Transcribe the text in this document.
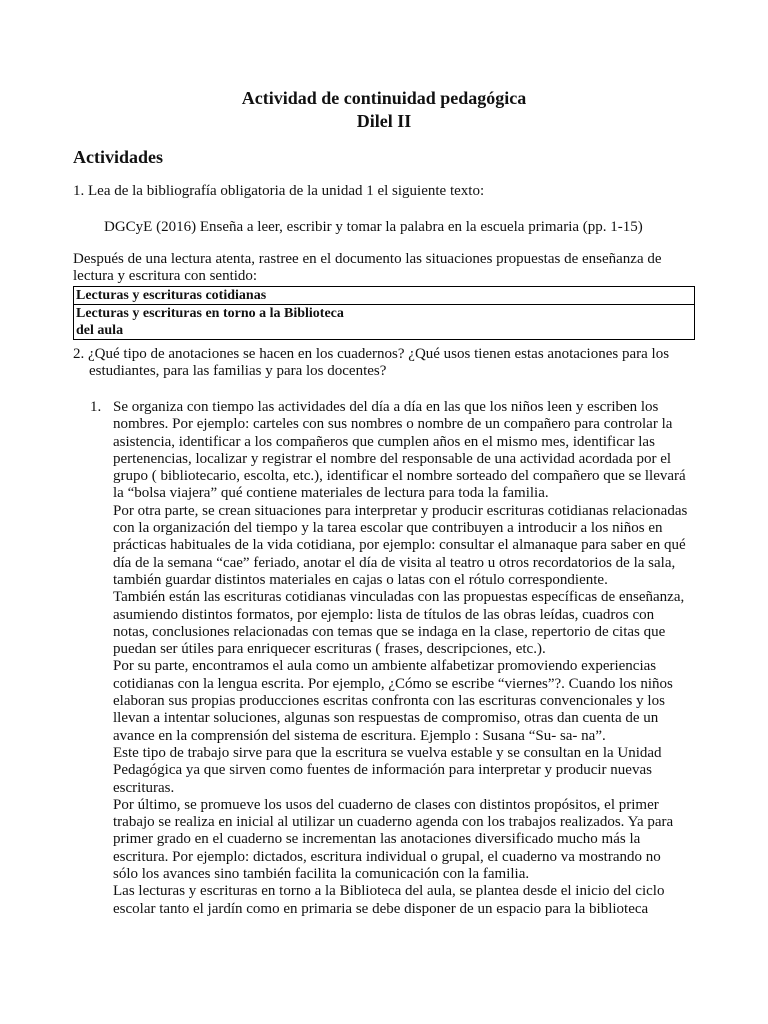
Actividad de continuidad pedagógica
Dilel II
Actividades
1. Lea de la bibliografía obligatoria de la unidad 1 el siguiente texto:
DGCyE (2016) Enseña a leer, escribir y tomar la palabra en la escuela primaria (pp. 1-15)
Después de una lectura atenta, rastree en el documento las situaciones propuestas de enseñanza de lectura y escritura con sentido:
Lecturas y escrituras cotidianas

Lecturas y escrituras en torno a la Biblioteca
del aula
2. ¿Qué tipo de anotaciones se hacen en los cuadernos? ¿Qué usos tienen estas anotaciones para los
estudiantes, para las familias y para los docentes?
1. Se organiza con tiempo las actividades del día a día en las que los niños leen y escriben los nombres. Por ejemplo: carteles con sus nombres o nombre de un compañero para controlar la asistencia, identificar a los compañeros que cumplen años en el mismo mes, identificar las pertenencias, localizar y registrar el nombre del responsable de una actividad acordada por el grupo ( bibliotecario, escolta, etc.), identificar el nombre sorteado del compañero que se llevará la “bolsa viajera” qué contiene materiales de lectura para toda la familia.

Por otra parte, se crean situaciones para interpretar y producir escrituras cotidianas relacionadas con la organización del tiempo y la tarea escolar que contribuyen a introducir a los niños en prácticas habituales de la vida cotidiana, por ejemplo: consultar el almanaque para saber en qué día de la semana “cae” feriado, anotar el día de visita al teatro u otros recordatorios de la sala, también guardar distintos materiales en cajas o latas con el rótulo correspondiente.

También están las escrituras cotidianas vinculadas con las propuestas específicas de enseñanza, asumiendo distintos formatos, por ejemplo: lista de títulos de las obras leídas, cuadros con notas, conclusiones relacionadas con temas que se indaga en la clase, repertorio de citas que puedan ser útiles para enriquecer escrituras ( frases, descripciones, etc.).

Por su parte, encontramos el aula como un ambiente alfabetizar promoviendo experiencias cotidianas con la lengua escrita. Por ejemplo, ¿Cómo se escribe “viernes”?. Cuando los niños elaboran sus propias producciones escritas confronta con las escrituras convencionales y los llevan a intentar soluciones, algunas son respuestas de compromiso, otras dan cuenta de un avance en la comprensión del sistema de escritura. Ejemplo : Susana “Su- sa- na”.

Este tipo de trabajo sirve para que la escritura se vuelva estable y se consultan en la Unidad Pedagógica ya que sirven como fuentes de información para interpretar y producir nuevas escrituras.

Por último, se promueve los usos del cuaderno de clases con distintos propósitos, el primer trabajo se realiza en inicial al utilizar un cuaderno agenda con los trabajos realizados. Ya para primer grado en el cuaderno se incrementan las anotaciones diversificado mucho más la escritura. Por ejemplo: dictados, escritura individual o grupal, el cuaderno va mostrando no sólo los avances sino también facilita la comunicación con la familia.

Las lecturas y escrituras en torno a la Biblioteca del aula, se plantea desde el inicio del ciclo escolar tanto el jardín como en primaria se debe disponer de un espacio para la biblioteca
